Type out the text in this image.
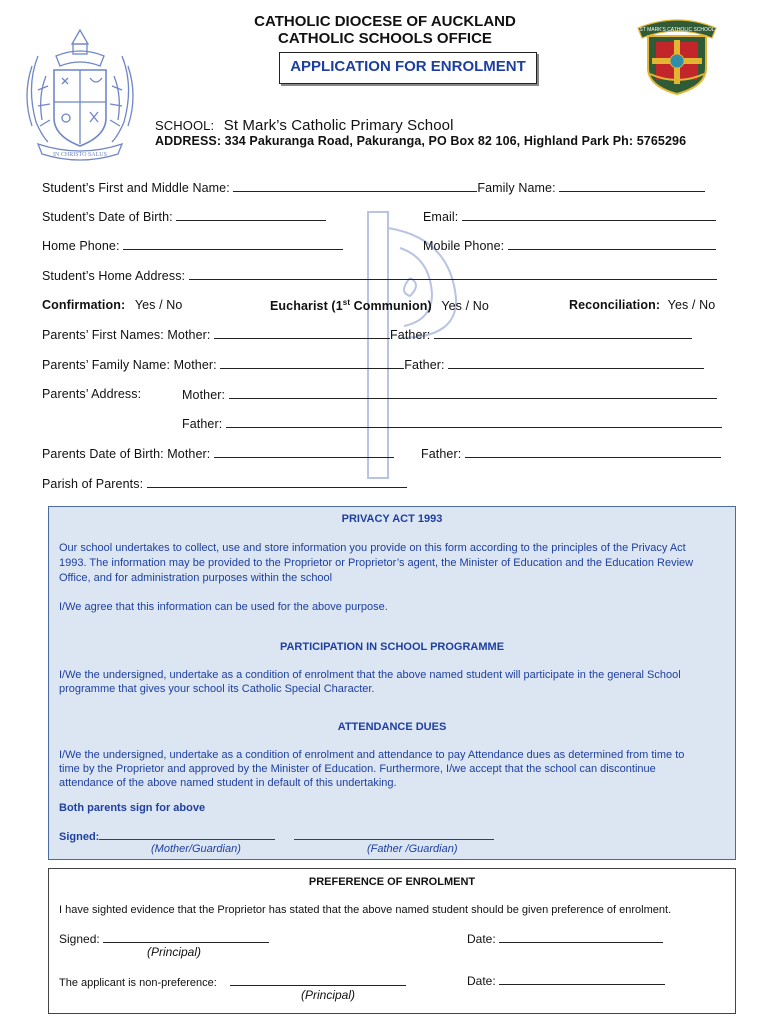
IN CHRISTO SALUS
ST MARK'S CATHOLIC SCHOOL
CATHOLIC DIOCESE OF AUCKLAND
CATHOLIC SCHOOLS OFFICE
APPLICATION FOR ENROLMENT
SCHOOL: St Mark’s Catholic Primary School
ADDRESS: 334 Pakuranga Road, Pakuranga, PO Box 82 106, Highland Park Ph: 5765296
Student’s First and Middle Name:	Family Name:
Student’s Date of Birth:	Email:
Home Phone:	Mobile Phone:
Student’s Home Address:
Confirmation: Yes / No	Eucharist (1st Communion) Yes / No	Reconciliation: Yes / No
Parents’ First Names: Mother:	Father:
Parents’ Family Name: Mother:	Father:
Parents’ Address:	Mother:
Father:
Parents Date of Birth: Mother:	Father:
Parish of Parents:
PRIVACY ACT 1993
Our school undertakes to collect, use and store information you provide on this form according to the principles of the Privacy Act
1993. The information may be provided to the Proprietor or Proprietor’s agent, the Minister of Education and the Education Review
Office, and for administration purposes within the school
I/We agree that this information can be used for the above purpose.
PARTICIPATION IN SCHOOL PROGRAMME
I/We the undersigned, undertake as a condition of enrolment that the above named student will participate in the general School
programme that gives your school its Catholic Special Character.
ATTENDANCE DUES
I/We the undersigned, undertake as a condition of enrolment and attendance to pay Attendance dues as determined from time to
time by the Proprietor and approved by the Minister of Education. Furthermore, I/we accept that the school can discontinue
attendance of the above named student in default of this undertaking.
Both parents sign for above
Signed:
(Mother/Guardian)	(Father /Guardian)
PREFERENCE OF ENROLMENT
I have sighted evidence that the Proprietor has stated that the above named student should be given preference of enrolment.
Signed:
(Principal)
Date:
The applicant is non-preference:
(Principal)
Date:
